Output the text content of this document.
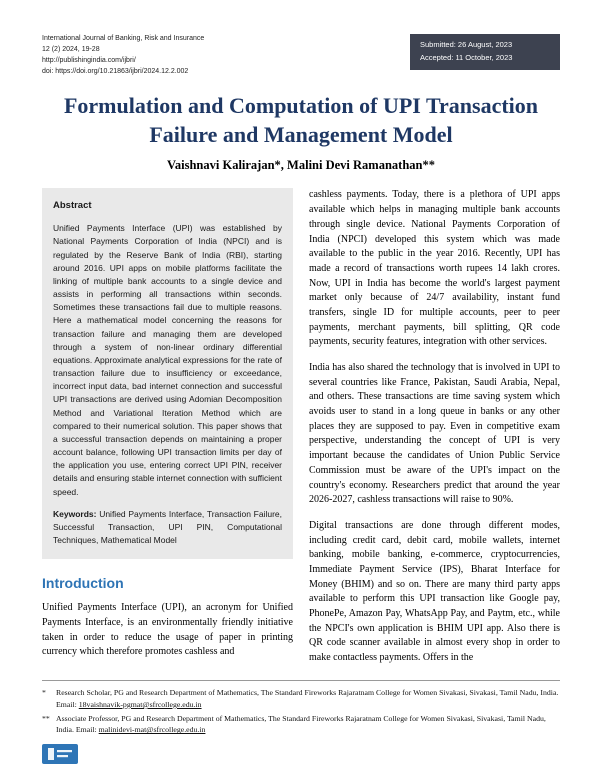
International Journal of Banking, Risk and Insurance
12 (2) 2024, 19-28
http://publishingindia.com/ijbri/
doi: https://doi.org/10.21863/ijbri/2024.12.2.002
Submitted: 26 August, 2023
Accepted: 11 October, 2023
Formulation and Computation of UPI Transaction Failure and Management Model
Vaishnavi Kalirajan*, Malini Devi Ramanathan**
Abstract

Unified Payments Interface (UPI) was established by National Payments Corporation of India (NPCI) and is regulated by the Reserve Bank of India (RBI), starting around 2016. UPI apps on mobile platforms facilitate the linking of multiple bank accounts to a single device and assists in performing all transactions within seconds. Sometimes these transactions fail due to multiple reasons. Here a mathematical model concerning the reasons for transaction failure and managing them are developed through a system of non-linear ordinary differential equations. Approximate analytical expressions for the rate of transaction failure due to insufficiency or exceedance, incorrect input data, bad internet connection and successful UPI transactions are derived using Adomian Decomposition Method and Variational Iteration Method which are compared to their numerical solution. This paper shows that a successful transaction depends on maintaining a proper account balance, following UPI transaction limits per day of the application you use, entering correct UPI PIN, receiver details and ensuring stable internet connection with sufficient speed.

Keywords: Unified Payments Interface, Transaction Failure, Successful Transaction, UPI PIN, Computational Techniques, Mathematical Model

Introduction

Unified Payments Interface (UPI), an acronym for Unified Payments Interface, is an environmentally friendly initiative taken in order to reduce the usage of paper in printing currency which therefore promotes cashless and

cashless payments. Today, there is a plethora of UPI apps available which helps in managing multiple bank accounts through single device. National Payments Corporation of India (NPCI) developed this system which was made available to the public in the year 2016. Recently, UPI has made a record of transactions worth rupees 14 lakh crores. Now, UPI in India has become the world's largest payment market only because of 24/7 availability, instant fund transfers, single ID for multiple accounts, peer to peer payments, merchant payments, bill splitting, QR code payments, security features, integration with other services.

India has also shared the technology that is involved in UPI to several countries like France, Pakistan, Saudi Arabia, Nepal, and others. These transactions are time saving system which avoids user to stand in a long queue in banks or any other places they are supposed to pay. Even in competitive exam perspective, understanding the concept of UPI is very important because the candidates of Union Public Service Commission must be aware of the UPI's impact on the country's economy. Researchers predict that around the year 2026-2027, cashless transactions will raise to 90%.

Digital transactions are done through different modes, including credit card, debit card, mobile wallets, internet banking, mobile banking, e-commerce, cryptocurrencies, Immediate Payment Service (IPS), Bharat Interface for Money (BHIM) and so on. There are many third party apps available to perform this UPI transaction like Google pay, PhonePe, Amazon Pay, WhatsApp Pay, and Paytm, etc., while the NPCI's own application is BHIM UPI app. Also there is QR code scanner available in almost every shop in order to make contactless payments. Offers in the

*	Research Scholar, PG and Research Department of Mathematics, The Standard Fireworks Rajaratnam College for Women Sivakasi, Sivakasi, Tamil Nadu, India. Email: 18vaishnavik-pgmat@sfrcollege.edu.in
** Associate Professor, PG and Research Department of Mathematics, The Standard Fireworks Rajaratnam College for Women Sivakasi, Sivakasi, Tamil Nadu, India. Email: malinidevi-mat@sfrcollege.edu.in
